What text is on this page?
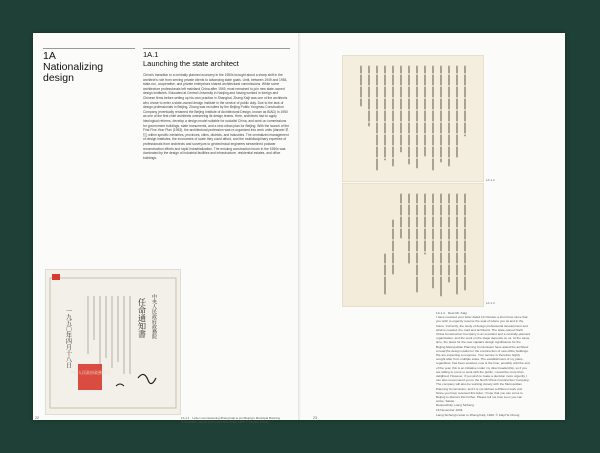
1A
Nationalizing design
1A.1
Launching the state architect

China's transition to a centrally planned economy in the 1950s brought about a sharp shift in the architect's role from serving private clients to advancing state goals. Until, between 1949 and 1953, state-run, cooperative, and private enterprises shared architectural commissions. While some architecture professionals left mainland China after 1949, most remained to join new state-owned design institutes. Educated at Central University in Nanjing and having worked in foreign and Chinese firms before setting up his own practice in Shanghai, Zhang Kaiji was one of the architects who chose to enter a state-owned design institute in the service of public duty. Due to the lack of design professionals in Beijing, Zhang was recruited by the Beijing Public Yongmao Construction Company (eventually renamed the Beijing Institute of Architectural Design, known as BIAD) in 1950 as one of the first chief architects overseeing its design teams. Here, architects had to apply ideological reforms, develop a design model suitable for socialist China, and work on commissions for government buildings, state monuments, and a new urban plan for Beijing. With the launch of the First Five-Year Plan (1953), the architectural profession was re-organized into work units (danwei 单位) within specific ministries, provinces, cities, districts, and industries. The centralized management of design institutes, the economies of scale they could afford, and the multidisciplinary expertise of professionals from architects and surveyors to geotechnical engineers streamlined postwar reconstruction efforts and rapid industrialization. The ensuing construction boom in the 1950s was dominated by the design of industrial facilities and infrastructure, residential estates, and office buildings.

中央人民政府政務院
任命通知書
中央人民政府政務院印
一九五〇年四月十八日

1A.1.1 Letter commissioning Zhang Kaiji to join Beijing's Municipal Planning Commission, signed by Premier Zhou Enlai, 1958. © Kaiji He Cheng

22
1A.1.2
1A.1.3

1A.1.2 Dear Mr. Kaiji,
I have received your letter dated 10 October a short time since that you wish to urgently reserve the seat of where you sit and in the future. Currently, the study of design professional development and what is needed: the road and architects. The state-owned North China Construction Company is an excellent and a centrally-planned organization, and the work on the stage depends on us. At the same time, the plans for the new capital's design significance for the Beijing Metropolitan Planning Commission have asked the architect to lead the design studio for the construction of new office buildings. We are expecting a response. Your service is therefore highly sought after from multiple sides. The establishment of my plans, regardless, has been enacted, now is the time, possibly until the end of the year, this is an initiative under my direct leadership, so if you are willing to come to work with the public, I would be more than delighted. However, if you wish to make a decision more urgently, I can also recommend you to the North China Construction Company. The company will also be working closely with the Metropolitan Planning Commission, and it is not without a different work unit. Since you have received this letter, I hope that you can come to Beijing to discuss this further. Please tell me how soon you can arrive. Salute.
Respectfully, Liang Sicheng
16 November 1949
Liang Sicheng's letter to Zhang Kaiji, 1949. © Kaiji He Cheng

23
